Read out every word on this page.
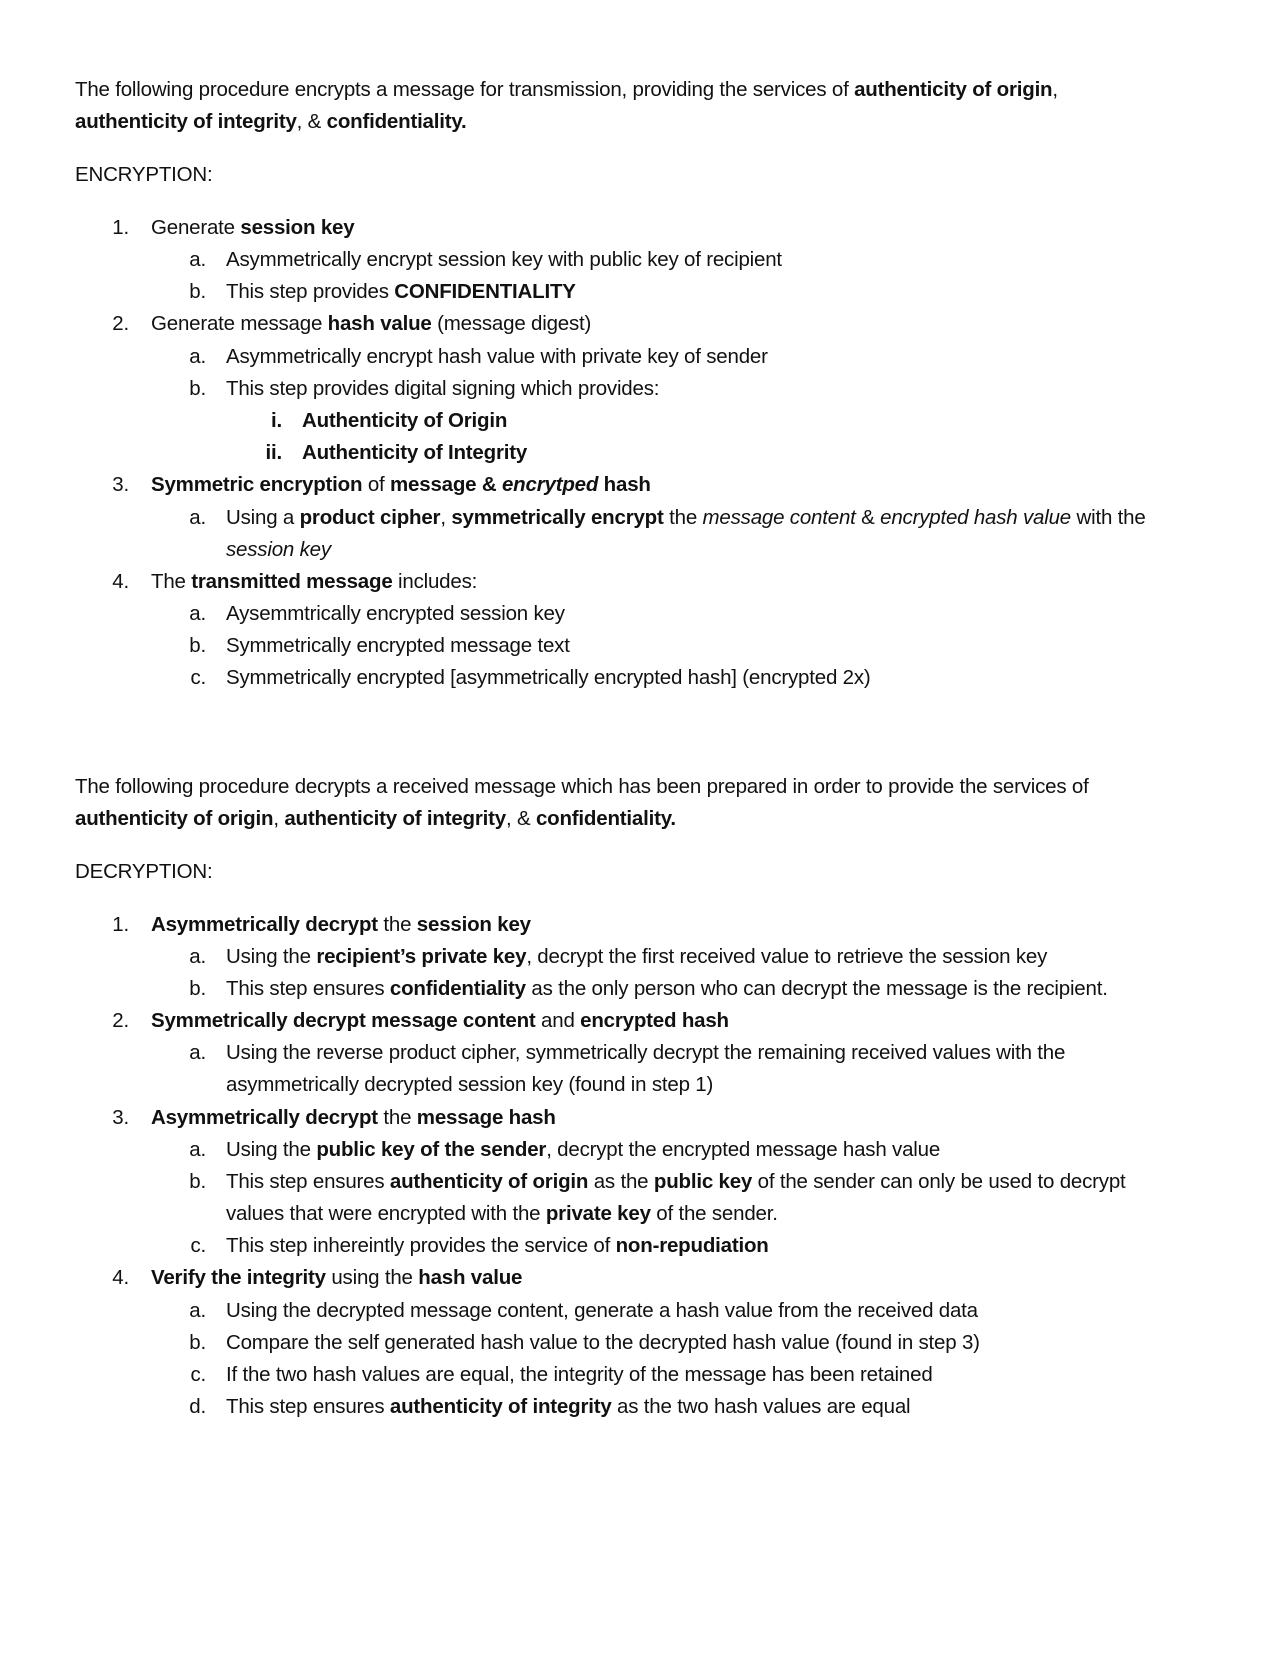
The following procedure encrypts a message for transmission, providing the services of authenticity of origin,
authenticity of integrity, & confidentiality.

ENCRYPTION:
1. Generate session key
a. Asymmetrically encrypt session key with public key of recipient
b. This step provides CONFIDENTIALITY
2. Generate message hash value (message digest)
a. Asymmetrically encrypt hash value with private key of sender
b. This step provides digital signing which provides:
i. Authenticity of Origin
ii. Authenticity of Integrity
3. Symmetric encryption of message & encrytped hash
a. Using a product cipher, symmetrically encrypt the message content & encrypted hash value with the
session key
4. The transmitted message includes:
a. Aysemmtrically encrypted session key
b. Symmetrically encrypted message text
c. Symmetrically encrypted [asymmetrically encrypted hash] (encrypted 2x)

The following procedure decrypts a received message which has been prepared in order to provide the services of
authenticity of origin, authenticity of integrity, & confidentiality.

DECRYPTION:
1. Asymmetrically decrypt the session key
a. Using the recipient’s private key, decrypt the first received value to retrieve the session key
b. This step ensures confidentiality as the only person who can decrypt the message is the recipient.
2. Symmetrically decrypt message content and encrypted hash
a. Using the reverse product cipher, symmetrically decrypt the remaining received values with the
asymmetrically decrypted session key (found in step 1)
3. Asymmetrically decrypt the message hash
a. Using the public key of the sender, decrypt the encrypted message hash value
b. This step ensures authenticity of origin as the public key of the sender can only be used to decrypt
values that were encrypted with the private key of the sender.
c. This step inhereintly provides the service of non-repudiation
4. Verify the integrity using the hash value
a. Using the decrypted message content, generate a hash value from the received data
b. Compare the self generated hash value to the decrypted hash value (found in step 3)
c. If the two hash values are equal, the integrity of the message has been retained
d. This step ensures authenticity of integrity as the two hash values are equal
